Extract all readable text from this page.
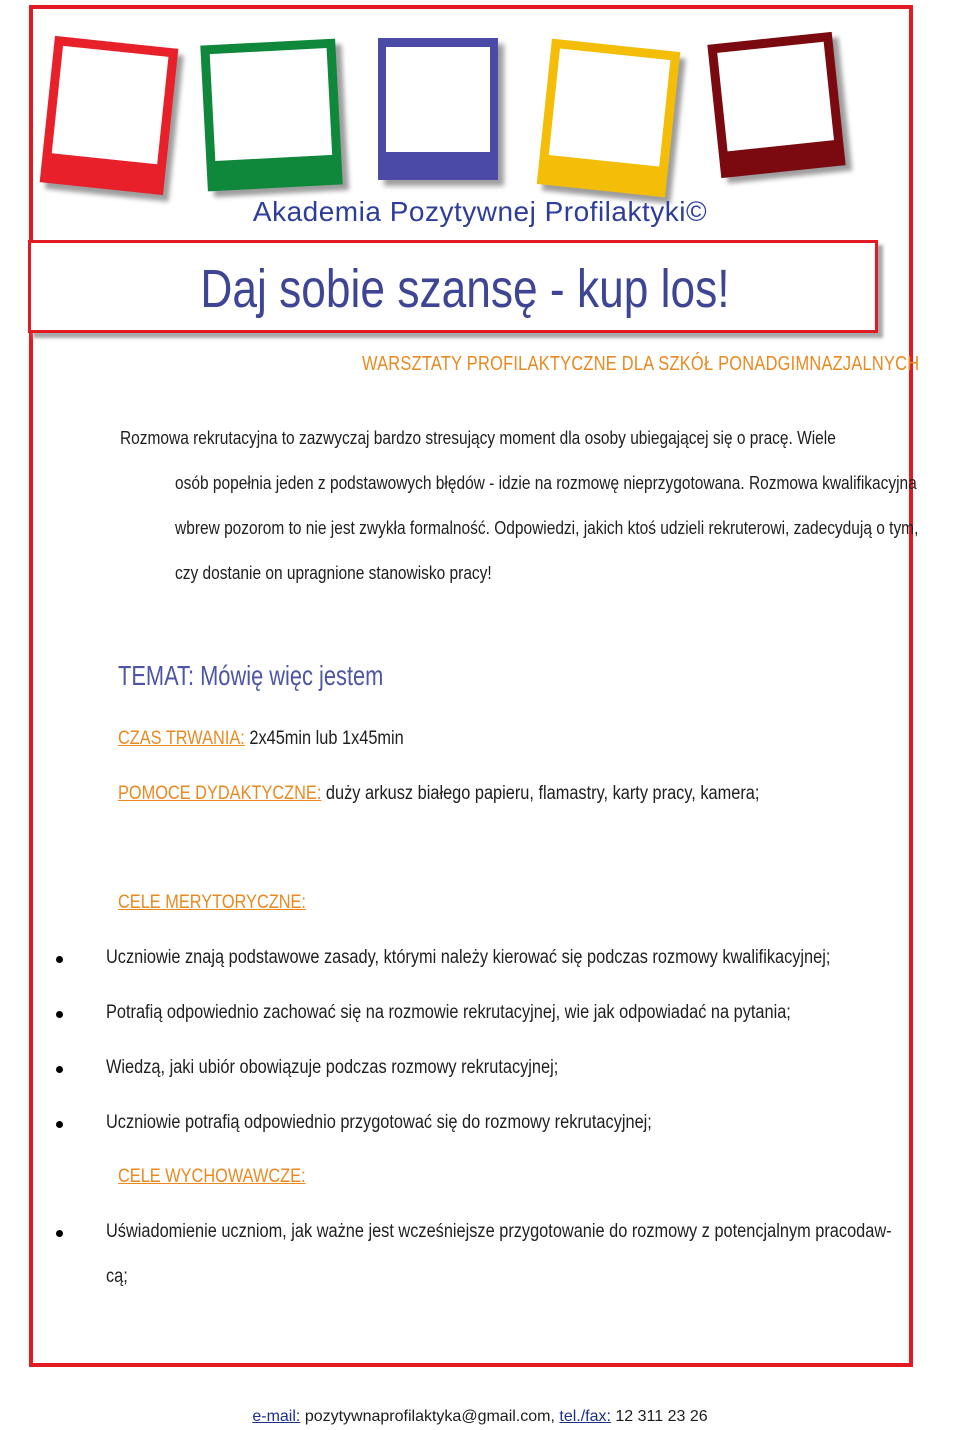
Akademia Pozytywnej Profilaktyki©
Daj sobie szansę - kup los!
WARSZTATY PROFILAKTYCZNE DLA SZKÓŁ PONADGIMNAZJALNYCH
Rozmowa rekrutacyjna to zazwyczaj bardzo stresujący moment dla osoby ubiegającej się o pracę. Wiele
osób popełnia jeden z podstawowych błędów - idzie na rozmowę nieprzygotowana. Rozmowa kwalifikacyjna
wbrew pozorom to nie jest zwykła formalność. Odpowiedzi, jakich ktoś udzieli rekruterowi, zadecydują o tym,
czy dostanie on upragnione stanowisko pracy!
TEMAT: Mówię więc jestem
CZAS TRWANIA: 2x45min lub 1x45min
POMOCE DYDAKTYCZNE: duży arkusz białego papieru, flamastry, karty pracy, kamera;
CELE MERYTORYCZNE:
Uczniowie znają podstawowe zasady, którymi należy kierować się podczas rozmowy kwalifikacyjnej;
Potrafią odpowiednio zachować się na rozmowie rekrutacyjnej, wie jak odpowiadać na pytania;
Wiedzą, jaki ubiór obowiązuje podczas rozmowy rekrutacyjnej;
Uczniowie potrafią odpowiednio przygotować się do rozmowy rekrutacyjnej;
CELE WYCHOWAWCZE:
Uświadomienie uczniom, jak ważne jest wcześniejsze przygotowanie do rozmowy z potencjalnym pracodaw-
cą;
e-mail: pozytywnaprofilaktyka@gmail.com, tel./fax: 12 311 23 26
